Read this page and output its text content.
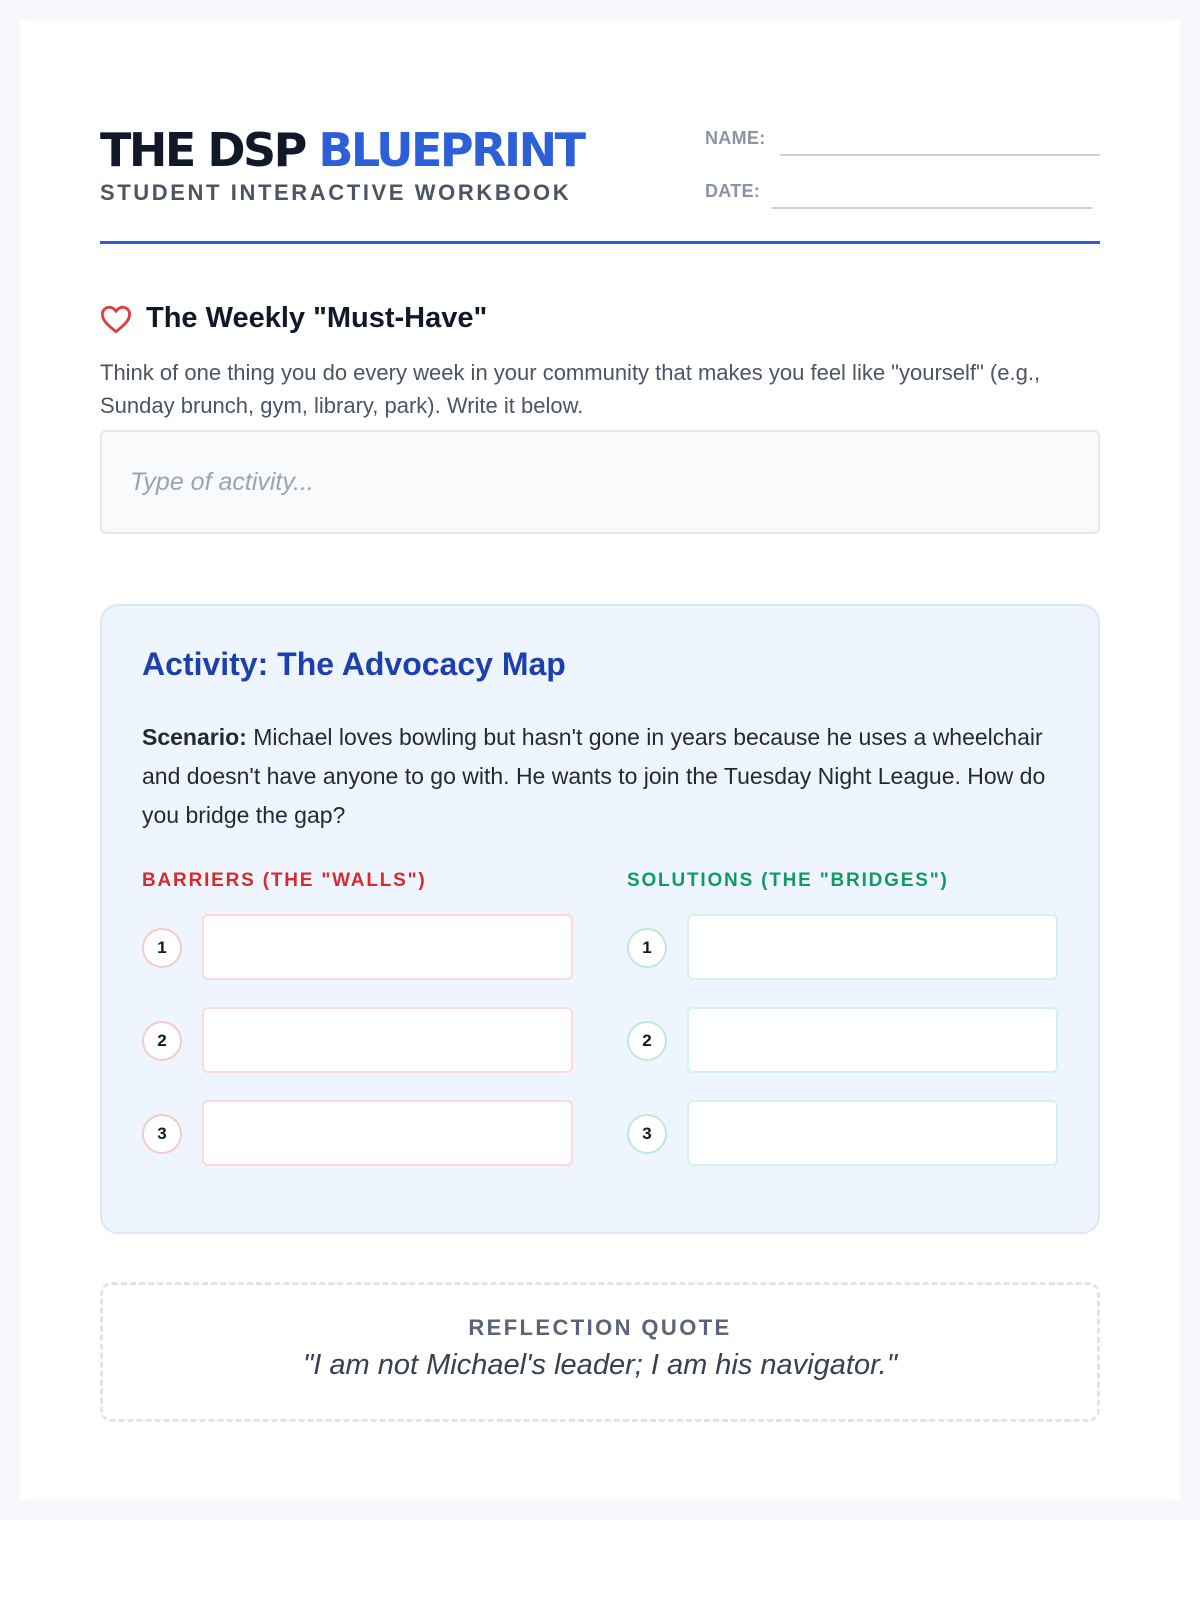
THE DSP BLUEPRINT
STUDENT INTERACTIVE WORKBOOK
NAME:
DATE:
The Weekly "Must-Have"

Think of one thing you do every week in your community that makes you feel like "yourself" (e.g., Sunday brunch, gym, library, park). Write it below.

Type of activity...
Activity: The Advocacy Map

Scenario: Michael loves bowling but hasn't gone in years because he uses a wheelchair and doesn't have anyone to go with. He wants to join the Tuesday Night League. How do you bridge the gap?

BARRIERS (THE "WALLS")
1
2
3
SOLUTIONS (THE "BRIDGES")
1
2
3
REFLECTION QUOTE
"I am not Michael's leader; I am his navigator."
